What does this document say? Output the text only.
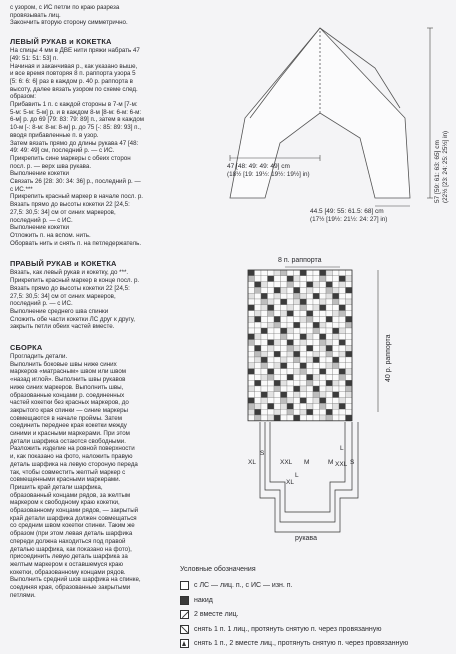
с узором, с ИС петли по краю разреза

провязывать лиц.

Закончить вторую сторону симметрично.

ЛЕВЫЙ РУКАВ и КОКЕТКА

На спицы 4 мм в ДВЕ нити пряжи набрать 47

[49: 51: 51: 53] п.

Начиная и заканчивая р., как указано выше,

и все время повторяя 8 п. раппорта узора 5

[5: 6: 6: 6] раз в каждом р. 40 р. раппорта в

высоту, далее вязать узором по схеме след.

образом:

Прибавить 1 п. с каждой стороны в 7-м [7-м:

5-м: 5-м: 5-м] р. и в каждом 8-м [8-м: 6-м: 6-м:

6-м] р. до 69 [79: 83: 79: 89] п., затем в каждом

10-м [-: 8-м: 8-м: 8-м] р. до 75 [-: 85: 89: 93] п.,

вводя прибавленные п. в узор.

Затем вязать прямо до длины рукава 47 [48:

49: 49: 49] см, последний р. — с ИС.

Прикрепить сине маркеры с обеих сторон

посл. р. — верх шва рукава.

Выполнение кокетки

Связать 26 [28: 30: 34: 36] р., последний р. —

с ИС.***

Прикрепить красный маркер в начале посл. р.

Вязать прямо до высоты кокетки 22 [24,5:

27,5: 30,5: 34] см от синих маркеров,

последний р. — с ИС.

Выполнение кокетки

Отложить п. на вспом. нить.

Оборвать нить и снять п. на петледержатель.

ПРАВЫЙ РУКАВ и КОКЕТКА

Вязать, как левый рукав и кокетку, до ***.

Прикрепить красный маркер в конце посл. р.

Вязать прямо до высоты кокетки 22 [24,5:

27,5: 30,5: 34] см от синих маркеров,

последний р. — с ИС.

Выполнение среднего шва спинки

Сложить обе части кокетки ЛС друг к другу,

закрыть петли обеих частей вместе.

СБОРКА

Прогладить детали.

Выполнить боковые швы ниже синих

маркеров «матрасным» швом или швом

«назад иглой». Выполнить швы рукавов

ниже синих маркеров. Выполнить швы,

образованные концами р. соединенных

частей кокетки без красных маркеров, до

закрытого края спинки — синие маркеры

совмещаются в начале проймы. Затем

соединить переднее края кокетки между

синими и красными маркерами. При этом

детали шарфика остаются свободными.

Разложить изделие на ровной поверхности

и, как показано на фото, наложить правую

деталь шарфика на левую стороную переда

так, чтобы совместить желтый маркер с

совмещенными красными маркерами.

Пришить край детали шарфика,

образованный концами рядов, за желтым

маркером к свободному краю кокетки,

образованному концами рядов, — закрытый

край детали шарфика должен совмещаться

со средним швом кокетки спинки. Таким же

образом (при этом левая деталь шарфика

спереди должна находиться под правой

деталью шарфика, как показано на фото),

присоединить левую деталь шарфика за

желтым маркером к оставшемуся краю

кокетки, образованному концами рядов.

Выполнить средний шов шарфика на спинке,

соединяя края, образованные закрытыми

петлями.

47 [48: 49: 49: 49] cm
(18½ [19: 19½: 19½: 19½] in)
44.5 [49: 55: 61.5: 68] cm
(17½ [19½: 21½: 24: 27] in)
57 [59: 61: 63: 65] cm (22½ [23: 24: 25: 25½] in)
8 п. раппорта
40 р. раппорта
L
XL
M
XXL
S
L
M XXL S
XL
рукава
Условные обозначения
с ЛС — лиц. п., с ИС — изн. п.
накид
2 вместе лиц.
снять 1 п. 1 лиц., протянуть снятую п. через провязанную
снять 1 п., 2 вместе лиц., протянуть снятую п. через провязанную
